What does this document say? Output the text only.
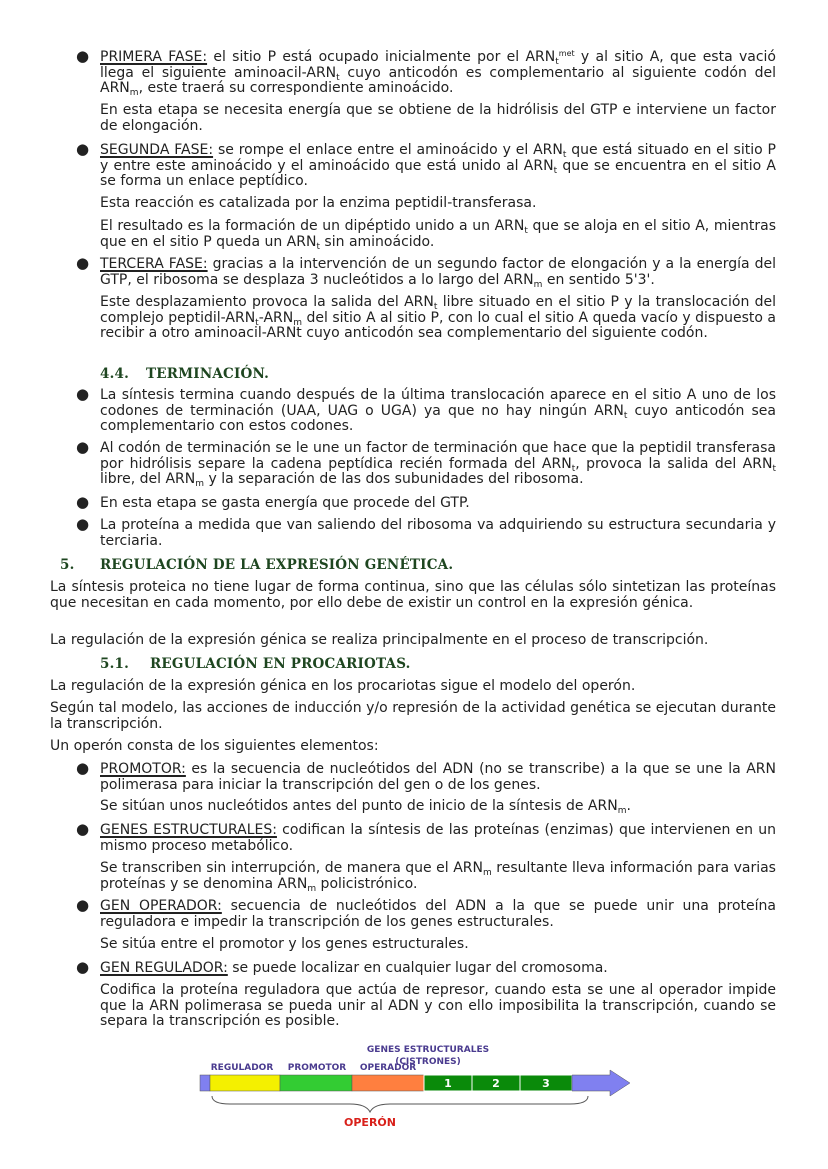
● PRIMERA FASE: el sitio P está ocupado inicialmente por el $ARN_t^{met}$ y al sitio A, que esta vació llega el siguiente aminoacil-$ARN_t$ cuyo anticodón es complementario al siguiente codón del $ARN_m$, este traerá su correspondiente aminoácido.

En esta etapa se necesita energía que se obtiene de la hidrólisis del GTP e interviene un factor de elongación.

● SEGUNDA FASE: se rompe el enlace entre el aminoácido y el $ARN_t$ que está situado en el sitio P y entre este aminoácido y el aminoácido que está unido al $ARN_t$ que se encuentra en el sitio A se forma un enlace peptídico.

Esta reacción es catalizada por la enzima peptidil-transferasa.

El resultado es la formación de un dipéptido unido a un $ARN_t$ que se aloja en el sitio A, mientras que en el sitio P queda un $ARN_t$ sin aminoácido.
● TERCERA FASE: gracias a la intervención de un segundo factor de elongación y a la energía del GTP, el ribosoma se desplaza 3 nucleótidos a lo largo del $ARN_m$ en sentido 5'3'.
Este desplazamiento provoca la salida del $ARN_t$ libre situado en el sitio P y la translocación del complejo peptidil-$ARN_t-ARN_m$ del sitio A al sitio P, con lo cual el sitio A queda vacío y dispuesto a recibir a otro aminoacil-ARNt cuyo anticodón sea complementario del siguiente codón.
4.4. TERMINACIÓN.
● La síntesis termina cuando después de la última translocación aparece en el sitio A uno de los codones de terminación (UAA, UAG o UGA) ya que no hay ningún $ARN_t$ cuyo anticodón sea complementario con estos codones.
● Al codón de terminación se le une un factor de terminación que hace que la peptidil transferasa por hidrólisis separe la cadena peptídica recién formada del $ARN_t$, provoca la salida del $ARN_t$ libre, del $ARN_m$ y la separación de las dos subunidades del ribosoma.
● En esta etapa se gasta energía que procede del GTP.
● La proteína a medida que van saliendo del ribosoma va adquiriendo su estructura secundaria y terciaria.
5. REGULACIÓN DE LA EXPRESIÓN GENÉTICA.

La síntesis proteica no tiene lugar de forma continua, sino que las células sólo sintetizan las proteínas que necesitan en cada momento, por ello debe de existir un control en la expresión génica.

La regulación de la expresión génica se realiza principalmente en el proceso de transcripción.

5.1. REGULACIÓN EN PROCARIOTAS.

La regulación de la expresión génica en los procariotas sigue el modelo del operón.

Según tal modelo, las acciones de inducción y/o represión de la actividad genética se ejecutan durante la transcripción.

Un operón consta de los siguientes elementos:

● PROMOTOR: es la secuencia de nucleótidos del ADN (no se transcribe) a la que se une la ARN polimerasa para iniciar la transcripción del gen o de los genes.
Se sitúan unos nucleótidos antes del punto de inicio de la síntesis de $ARN_m$.
● GENES ESTRUCTURALES: codifican la síntesis de las proteínas (enzimas) que intervienen en un mismo proceso metabólico.
Se transcriben sin interrupción, de manera que el $ARN_m$ resultante lleva información para varias proteínas y se denomina $ARN_m$ policistrónico.
● GEN OPERADOR: secuencia de nucleótidos del ADN a la que se puede unir una proteína reguladora e impedir la transcripción de los genes estructurales.

Se sitúa entre el promotor y los genes estructurales.

● GEN REGULADOR: se puede localizar en cualquier lugar del cromosoma.

Codifica la proteína reguladora que actúa de represor, cuando esta se une al operador impide que la ARN polimerasa se pueda unir al ADN y con ello imposibilita la transcripción, cuando se separa la transcripción es posible.

GENES ESTRUCTURALES
(CISTRONES)
REGULADOR PROMOTOR OPERADOR
1	2	3
OPERÓN
